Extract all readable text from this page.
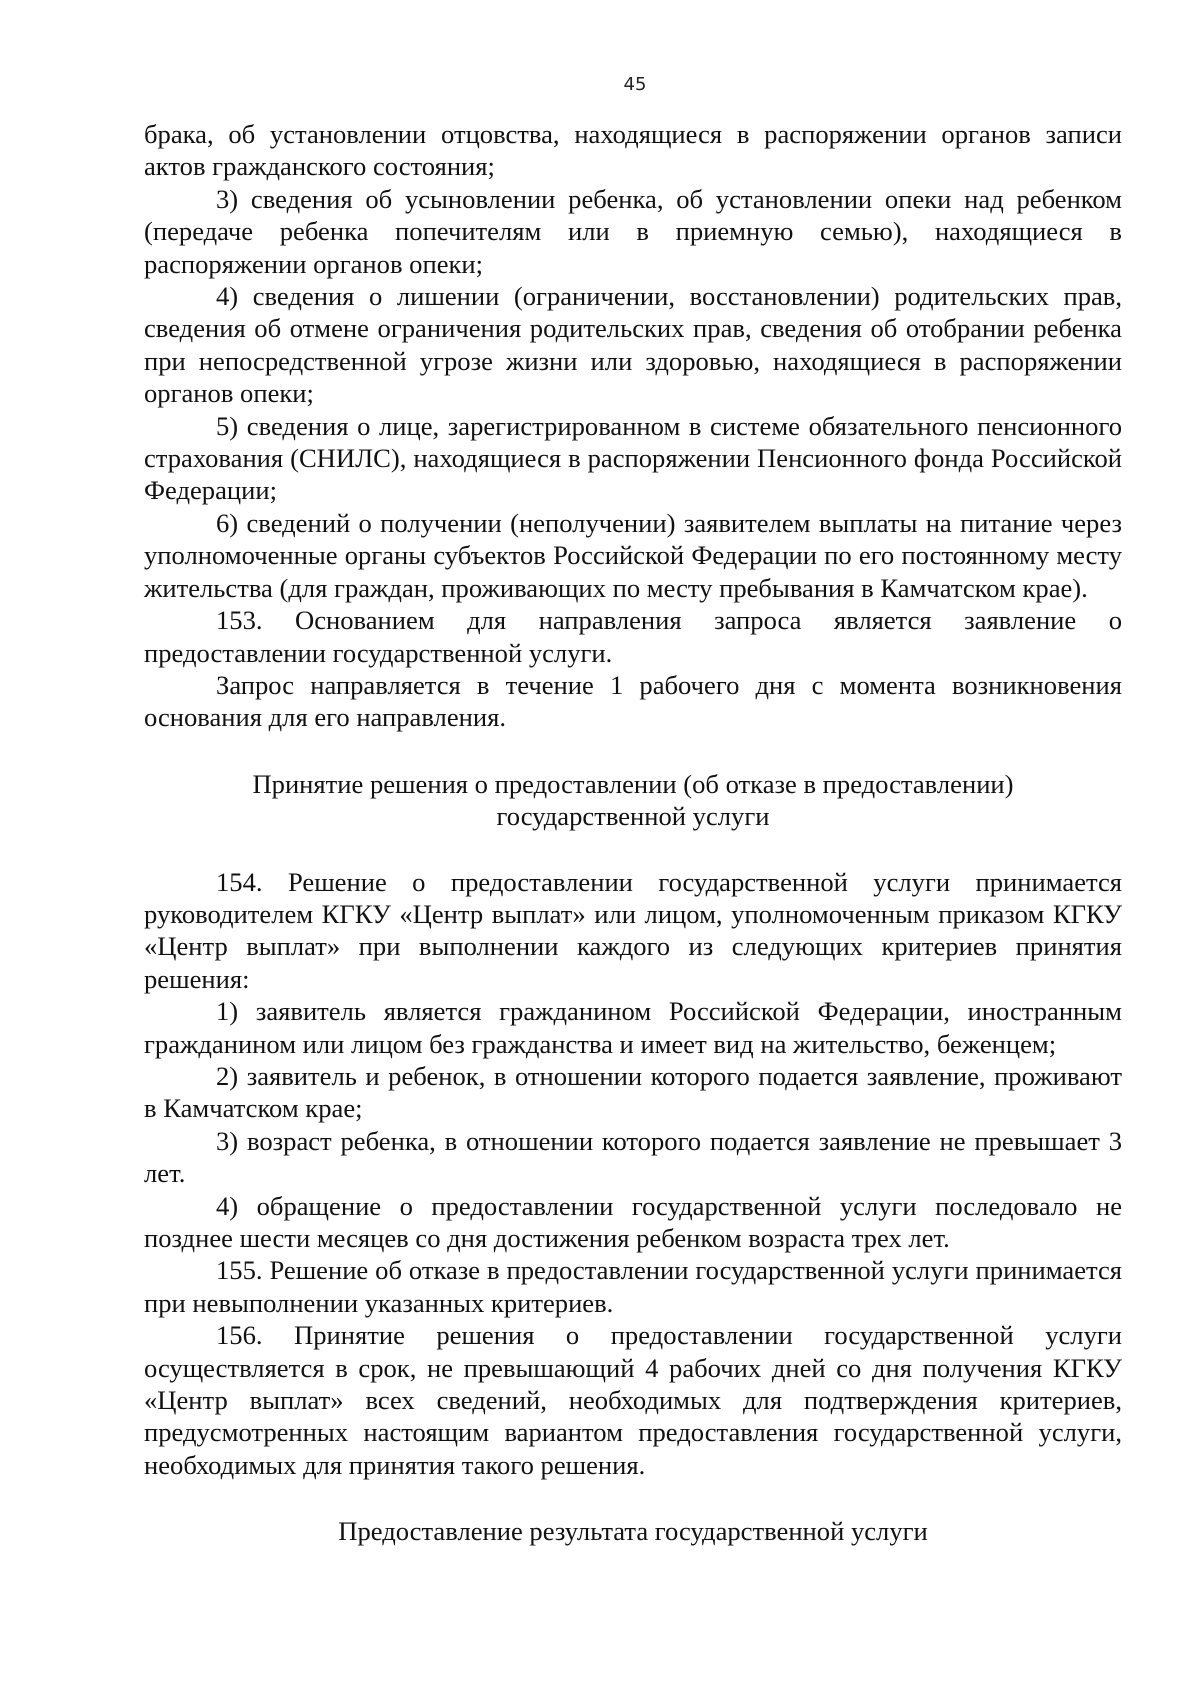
45

брака, об установлении отцовства, находящиеся в распоряжении органов записи актов гражданского состояния;

3) сведения об усыновлении ребенка, об установлении опеки над ребенком (передаче ребенка попечителям или в приемную семью), находящиеся в распоряжении органов опеки;

4) сведения о лишении (ограничении, восстановлении) родительских прав, сведения об отмене ограничения родительских прав, сведения об отобрании ребенка при непосредственной угрозе жизни или здоровью, находящиеся в распоряжении органов опеки;

5) сведения о лице, зарегистрированном в системе обязательного пенсионного страхования (СНИЛС), находящиеся в распоряжении Пенсионного фонда Российской Федерации;

6) сведений о получении (неполучении) заявителем выплаты на питание через уполномоченные органы субъектов Российской Федерации по его постоянному месту жительства (для граждан, проживающих по месту пребывания в Камчатском крае).

153. Основанием для направления запроса является заявление о предоставлении государственной услуги.

Запрос направляется в течение 1 рабочего дня с момента возникновения основания для его направления.

Принятие решения о предоставлении (об отказе в предоставлении)
государственной услуги

154. Решение о предоставлении государственной услуги принимается руководителем КГКУ «Центр выплат» или лицом, уполномоченным приказом КГКУ «Центр выплат» при выполнении каждого из следующих критериев принятия решения:

1) заявитель является гражданином Российской Федерации, иностранным гражданином или лицом без гражданства и имеет вид на жительство, беженцем;

2) заявитель и ребенок, в отношении которого подается заявление, проживают в Камчатском крае;

3) возраст ребенка, в отношении которого подается заявление не превышает 3 лет.

4) обращение о предоставлении государственной услуги последовало не позднее шести месяцев со дня достижения ребенком возраста трех лет.

155. Решение об отказе в предоставлении государственной услуги принимается при невыполнении указанных критериев.

156. Принятие решения о предоставлении государственной услуги осуществляется в срок, не превышающий 4 рабочих дней со дня получения КГКУ «Центр выплат» всех сведений, необходимых для подтверждения критериев, предусмотренных настоящим вариантом предоставления государственной услуги, необходимых для принятия такого решения.

Предоставление результата государственной услуги
